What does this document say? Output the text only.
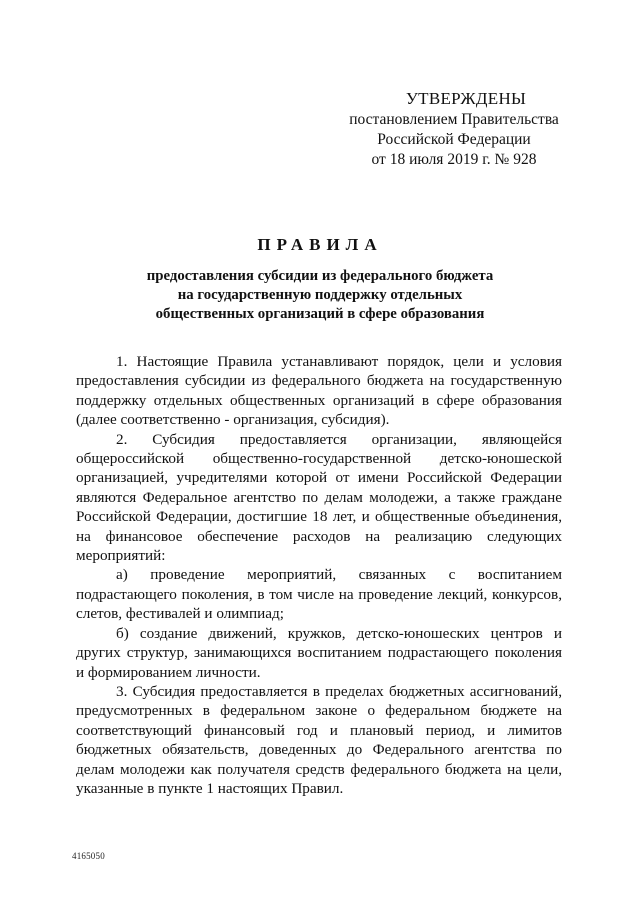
УТВЕРЖДЕНЫ
постановлением Правительства
Российской Федерации
от 18 июля 2019 г. № 928
ПРАВИЛА
предоставления субсидии из федерального бюджета
на государственную поддержку отдельных
общественных организаций в сфере образования

1. Настоящие Правила устанавливают порядок, цели и условия предоставления субсидии из федерального бюджета на государственную поддержку отдельных общественных организаций в сфере образования (далее соответственно - организация, субсидия).

2. Субсидия предоставляется организации, являющейся общероссийской общественно-государственной детско-юношеской организацией, учредителями которой от имени Российской Федерации являются Федеральное агентство по делам молодежи, а также граждане Российской Федерации, достигшие 18 лет, и общественные объединения, на финансовое обеспечение расходов на реализацию следующих мероприятий:

а) проведение мероприятий, связанных с воспитанием подрастающего поколения, в том числе на проведение лекций, конкурсов, слетов, фестивалей и олимпиад;

б) создание движений, кружков, детско-юношеских центров и других структур, занимающихся воспитанием подрастающего поколения и формированием личности.

3. Субсидия предоставляется в пределах бюджетных ассигнований, предусмотренных в федеральном законе о федеральном бюджете на соответствующий финансовый год и плановый период, и лимитов бюджетных обязательств, доведенных до Федерального агентства по делам молодежи как получателя средств федерального бюджета на цели, указанные в пункте 1 настоящих Правил.

4165050
